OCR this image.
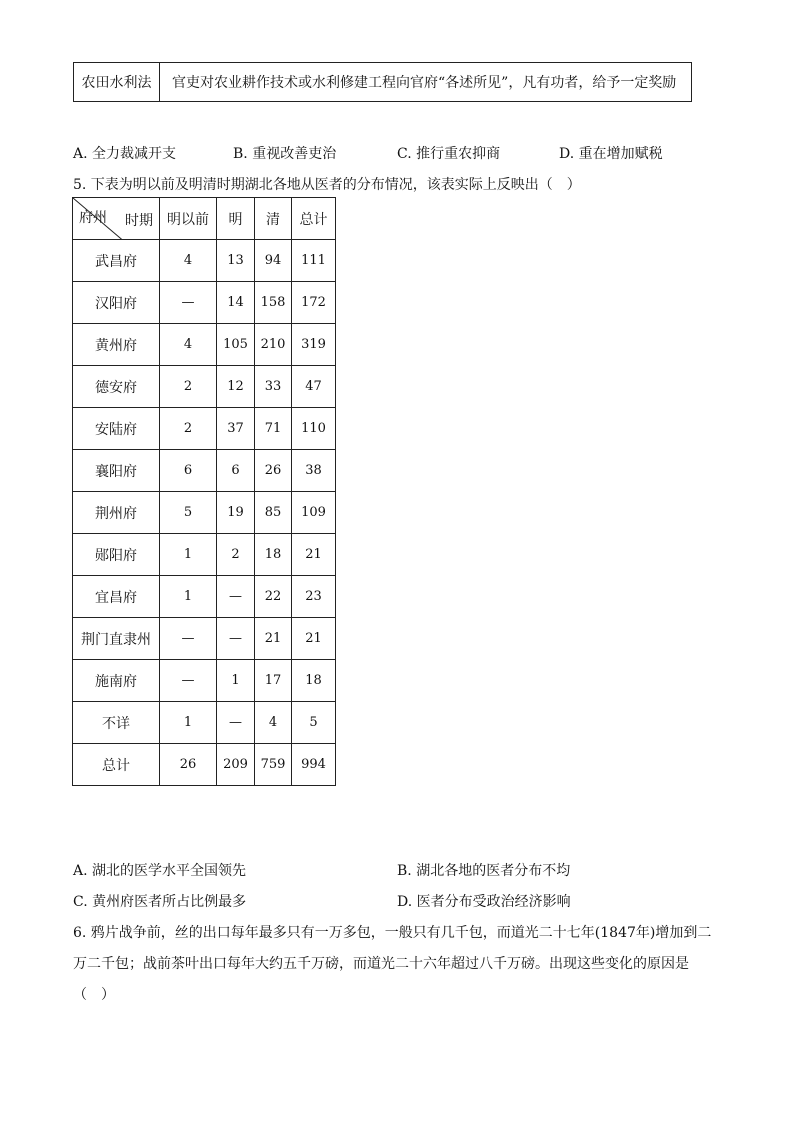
农田水利法	官吏对农业耕作技术或水利修建工程向官府“各述所见”，凡有功者，给予一定奖励
A. 全力裁减开支	B. 重视改善吏治	C. 推行重农抑商	D. 重在增加赋税
5. 下表为明以前及明清时期湖北各地从医者的分布情况，该表实际上反映出（　）
时期
府州	明以前	明	清	总计
武昌府	4	13	94	111
汉阳府	—	14	158	172
黄州府	4	105	210	319
德安府	2	12	33	47
安陆府	2	37	71	110
襄阳府	6	6	26	38
荆州府	5	19	85	109
郧阳府	1	2	18	21
宜昌府	1	—	22	23
荆门直隶州	—	—	21	21
施南府	—	1	17	18
不详	1	—	4	5
总计	26	209	759	994
A. 湖北的医学水平全国领先	B. 湖北各地的医者分布不均
C. 黄州府医者所占比例最多	D. 医者分布受政治经济影响
6. 鸦片战争前，丝的出口每年最多只有一万多包，一般只有几千包，而道光二十七年(1847年)增加到二
万二千包；战前茶叶出口每年大约五千万磅，而道光二十六年超过八千万磅。出现这些变化的原因是
（　）
